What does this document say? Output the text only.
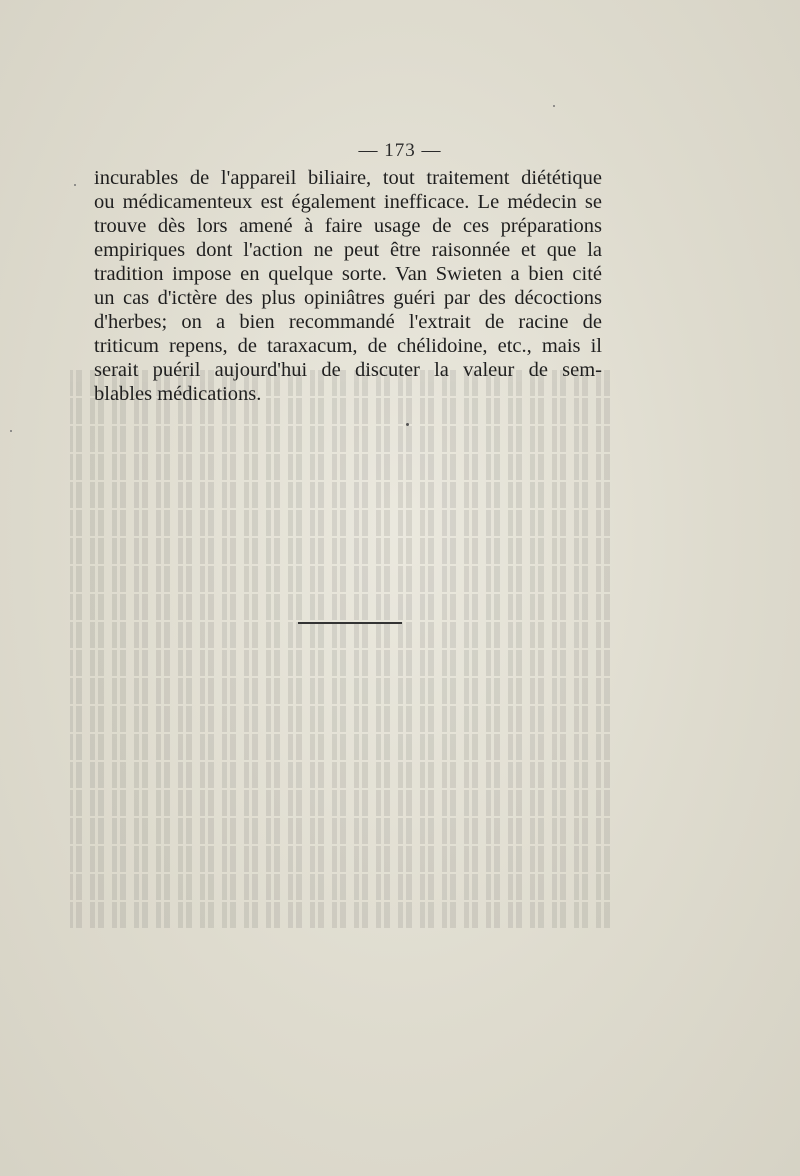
— 173 —
incurables de l'appareil biliaire, tout traitement diététique
ou médicamenteux est également inefficace. Le médecin se
trouve dès lors amené à faire usage de ces préparations
empiriques dont l'action ne peut être raisonnée et que la
tradition impose en quelque sorte. Van Swieten a bien cité
un cas d'ictère des plus opiniâtres guéri par des décoctions
d'herbes; on a bien recommandé l'extrait de racine de
triticum repens, de taraxacum, de chélidoine, etc., mais il
serait puéril aujourd'hui de discuter la valeur de sem-
blables médications.
